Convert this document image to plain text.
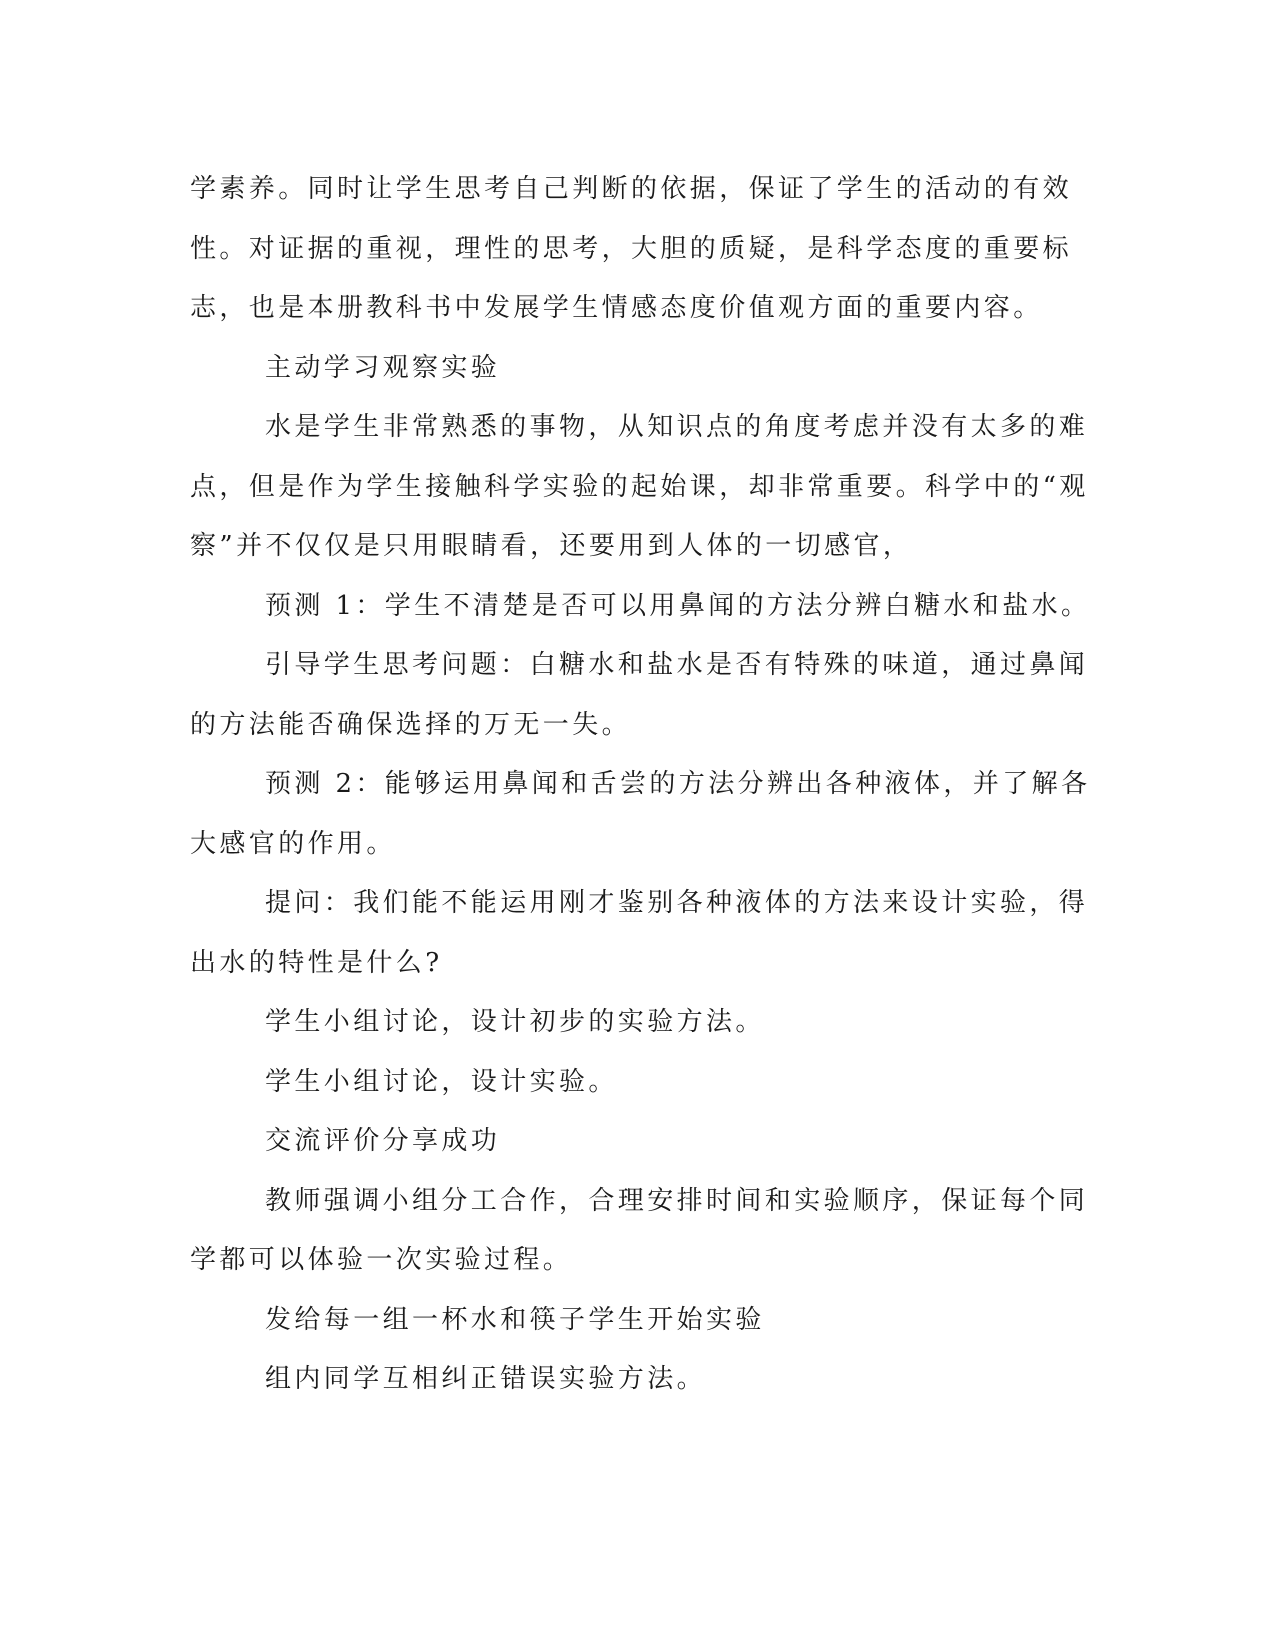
学素养。同时让学生思考自己判断的依据，保证了学生的活动的有效

性。对证据的重视，理性的思考，大胆的质疑，是科学态度的重要标

志，也是本册教科书中发展学生情感态度价值观方面的重要内容。

主动学习观察实验

水是学生非常熟悉的事物，从知识点的角度考虑并没有太多的难

点，但是作为学生接触科学实验的起始课，却非常重要。科学中的“观

察”并不仅仅是只用眼睛看，还要用到人体的一切感官，

预测 1：学生不清楚是否可以用鼻闻的方法分辨白糖水和盐水。

引导学生思考问题：白糖水和盐水是否有特殊的味道，通过鼻闻

的方法能否确保选择的万无一失。

预测 2：能够运用鼻闻和舌尝的方法分辨出各种液体，并了解各

大感官的作用。

提问：我们能不能运用刚才鉴别各种液体的方法来设计实验，得

出水的特性是什么?

学生小组讨论，设计初步的实验方法。

学生小组讨论，设计实验。

交流评价分享成功

教师强调小组分工合作，合理安排时间和实验顺序，保证每个同

学都可以体验一次实验过程。

发给每一组一杯水和筷子学生开始实验

组内同学互相纠正错误实验方法。
